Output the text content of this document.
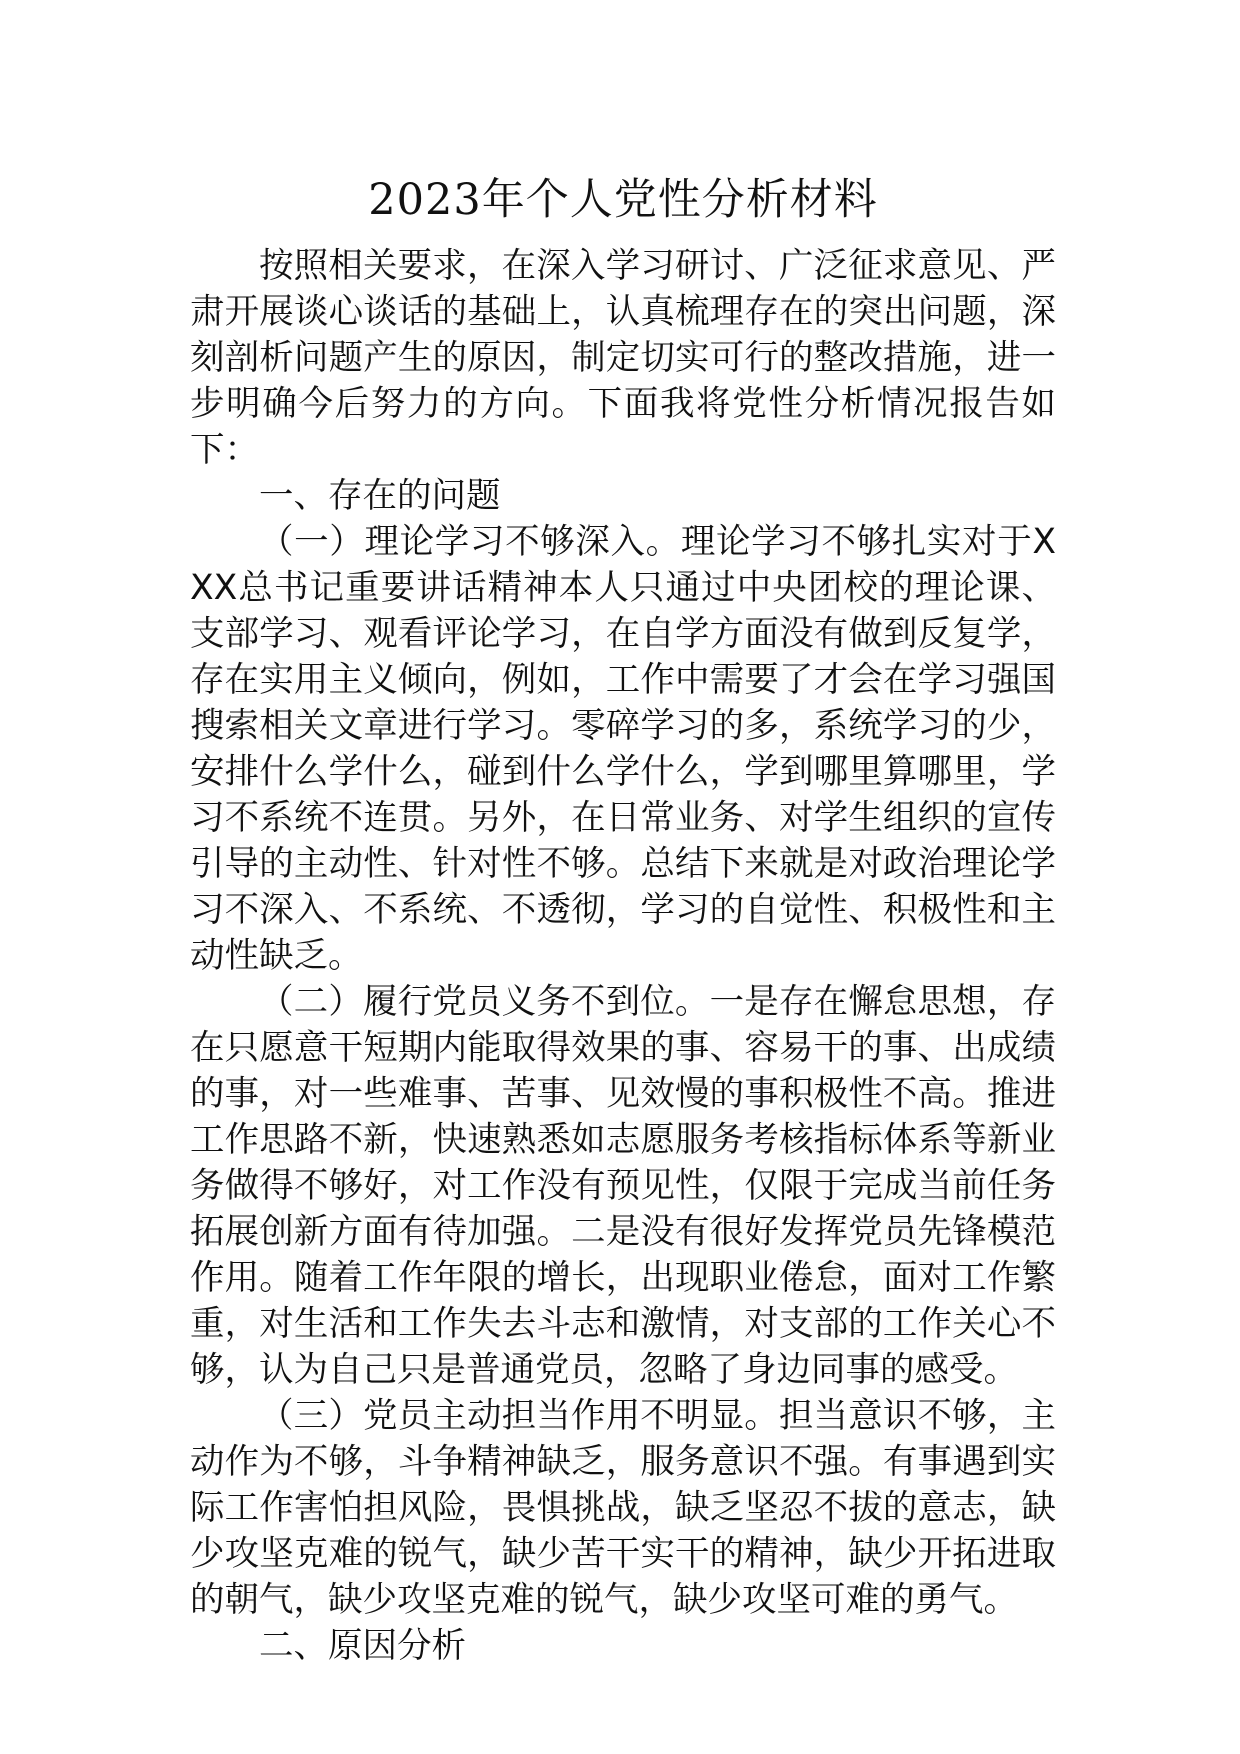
2023年个人党性分析材料

按照相关要求，在深入学习研讨、广泛征求意见、严肃开展谈心谈话的基础上，认真梳理存在的突出问题，深刻剖析问题产生的原因，制定切实可行的整改措施，进一步明确今后努力的方向。下面我将党性分析情况报告如下：

一、存在的问题

（一）理论学习不够深入。理论学习不够扎实对于XXX总书记重要讲话精神本人只通过中央团校的理论课、支部学习、观看评论学习，在自学方面没有做到反复学，存在实用主义倾向，例如，工作中需要了才会在学习强国搜索相关文章进行学习。零碎学习的多，系统学习的少，安排什么学什么，碰到什么学什么，学到哪里算哪里，学习不系统不连贯。另外，在日常业务、对学生组织的宣传引导的主动性、针对性不够。总结下来就是对政治理论学习不深入、不系统、不透彻，学习的自觉性、积极性和主动性缺乏。

（二）履行党员义务不到位。一是存在懈怠思想，存在只愿意干短期内能取得效果的事、容易干的事、出成绩的事，对一些难事、苦事、见效慢的事积极性不高。推进工作思路不新，快速熟悉如志愿服务考核指标体系等新业务做得不够好，对工作没有预见性，仅限于完成当前任务拓展创新方面有待加强。二是没有很好发挥党员先锋模范作用。随着工作年限的增长，出现职业倦怠，面对工作繁重，对生活和工作失去斗志和激情，对支部的工作关心不够，认为自己只是普通党员，忽略了身边同事的感受。

（三）党员主动担当作用不明显。担当意识不够，主动作为不够，斗争精神缺乏，服务意识不强。有事遇到实际工作害怕担风险，畏惧挑战，缺乏坚忍不拔的意志，缺少攻坚克难的锐气，缺少苦干实干的精神，缺少开拓进取的朝气，缺少攻坚克难的锐气，缺少攻坚可难的勇气。

二、原因分析
